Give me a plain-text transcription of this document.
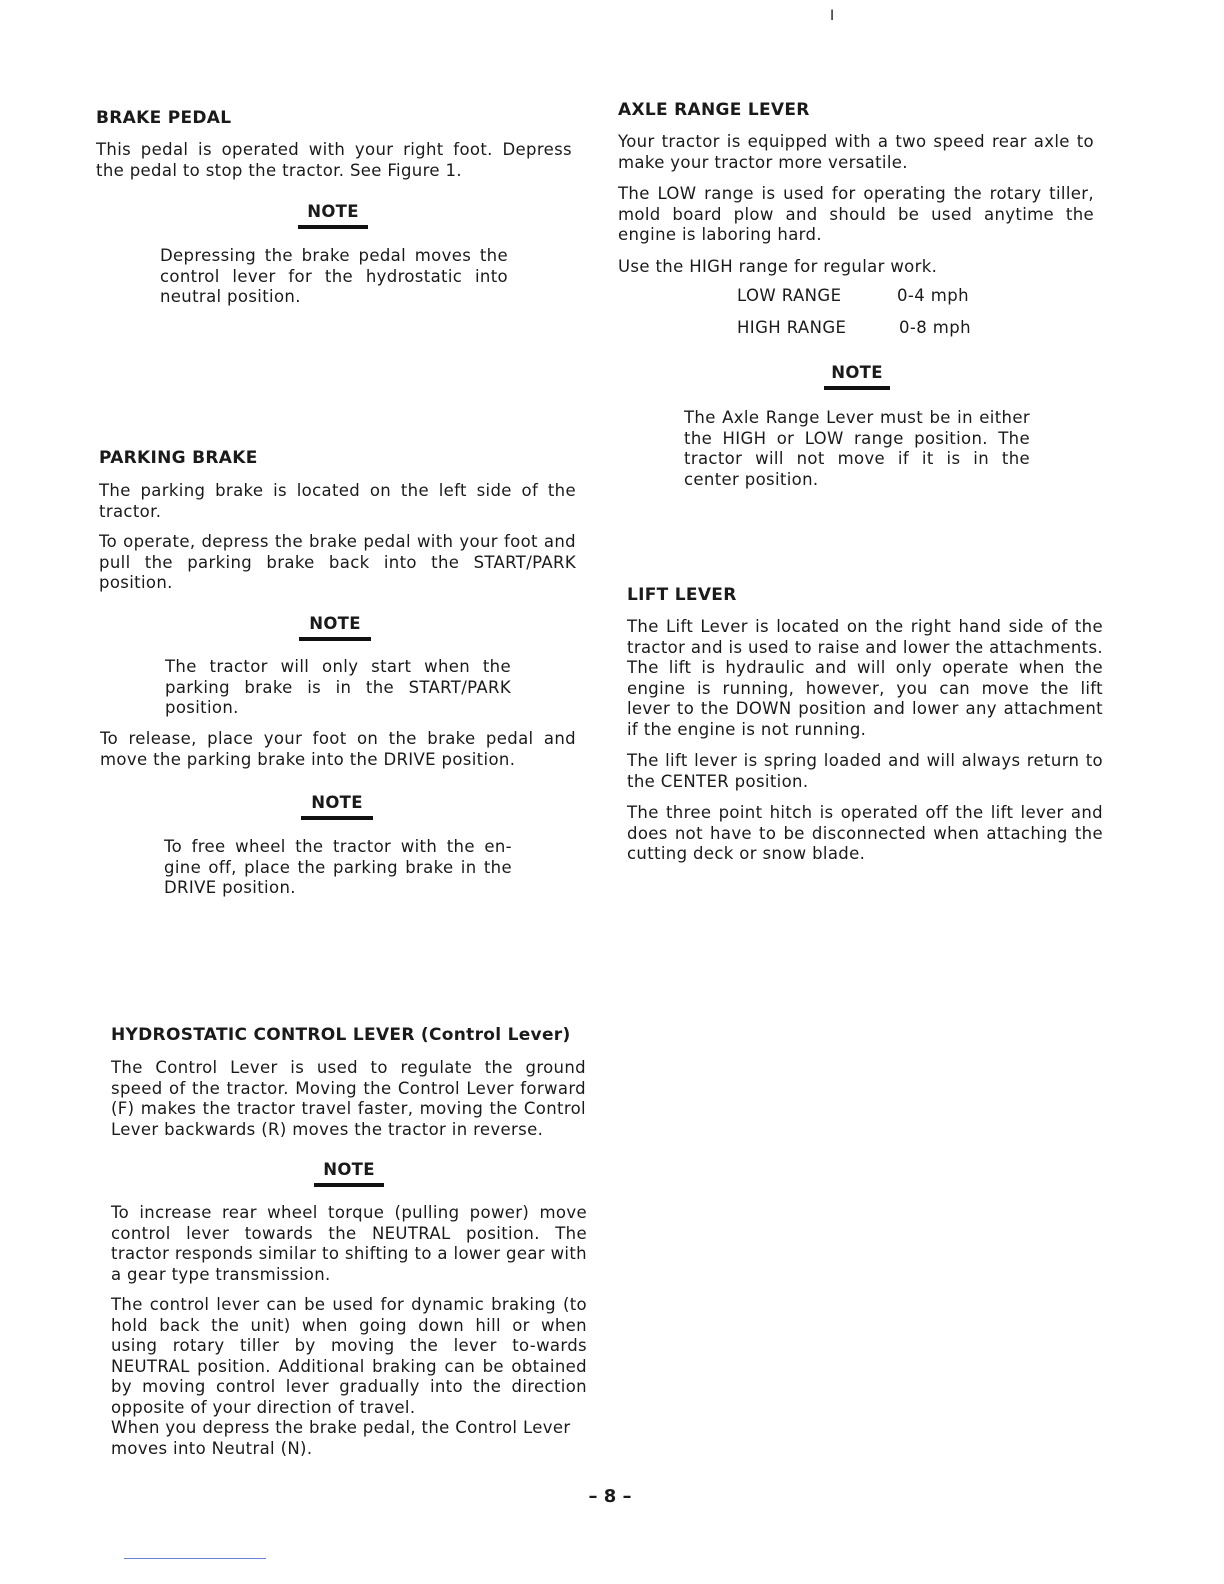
I
BRAKE PEDAL
This pedal is operated with your right foot. Depress the pedal to stop the tractor. See Figure 1.
NOTE
Depressing the brake pedal moves the control lever for the hydrostatic into neutral position.
PARKING BRAKE
The parking brake is located on the left side of the tractor.
To operate, depress the brake pedal with your foot and pull the parking brake back into the START/PARK position.
NOTE
The tractor will only start when the parking brake is in the START/PARK position.
To release, place your foot on the brake pedal and move the parking brake into the DRIVE position.
NOTE
To free wheel the tractor with the en-gine off, place the parking brake in the DRIVE position.
HYDROSTATIC CONTROL LEVER (Control Lever)
The Control Lever is used to regulate the ground speed of the tractor. Moving the Control Lever forward (F) makes the tractor travel faster, moving the Control Lever backwards (R) moves the tractor in reverse.
NOTE
To increase rear wheel torque (pulling power) move control lever towards the NEUTRAL position. The tractor responds similar to shifting to a lower gear with a gear type transmission.
The control lever can be used for dynamic braking (to hold back the unit) when going down hill or when using rotary tiller by moving the lever to-wards NEUTRAL position. Additional braking can be obtained by moving control lever gradually into the direction opposite of your direction of travel.
When you depress the brake pedal, the Control Lever moves into Neutral (N).
AXLE RANGE LEVER
Your tractor is equipped with a two speed rear axle to make your tractor more versatile.
The LOW range is used for operating the rotary tiller, mold board plow and should be used anytime the engine is laboring hard.
Use the HIGH range for regular work.
LOW RANGE	0-4 mph
HIGH RANGE	0-8 mph
NOTE
The Axle Range Lever must be in either the HIGH or LOW range position. The tractor will not move if it is in the center position.
LIFT LEVER
The Lift Lever is located on the right hand side of the tractor and is used to raise and lower the attachments. The lift is hydraulic and will only operate when the engine is running, however, you can move the lift lever to the DOWN position and lower any attachment if the engine is not running.
The lift lever is spring loaded and will always return to the CENTER position.
The three point hitch is operated off the lift lever and does not have to be disconnected when attaching the cutting deck or snow blade.
– 8 –
